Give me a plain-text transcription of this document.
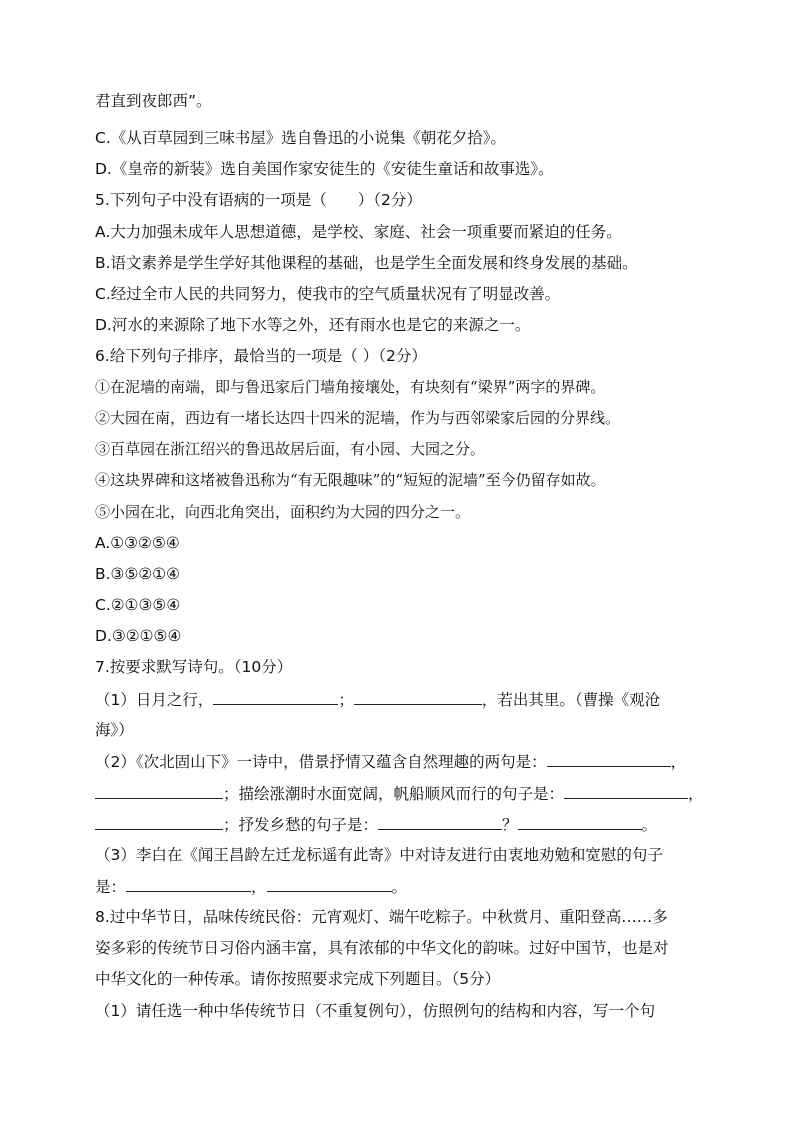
君直到夜郎西”。

C.《从百草园到三味书屋》选自鲁迅的小说集《朝花夕拾》。

D.《皇帝的新装》选自美国作家安徒生的《安徒生童话和故事选》。

5.下列句子中没有语病的一项是（　　）（2分）

A.大力加强未成年人思想道德，是学校、家庭、社会一项重要而紧迫的任务。

B.语文素养是学生学好其他课程的基础，也是学生全面发展和终身发展的基础。

C.经过全市人民的共同努力，使我市的空气质量状况有了明显改善。

D.河水的来源除了地下水等之外，还有雨水也是它的来源之一。

6.给下列句子排序，最恰当的一项是（ ）（2分）

①在泥墙的南端，即与鲁迅家后门墙角接壤处，有块刻有“梁界”两字的界碑。

②大园在南，西边有一堵长达四十四米的泥墙，作为与西邻梁家后园的分界线。

③百草园在浙江绍兴的鲁迅故居后面，有小园、大园之分。

④这块界碑和这堵被鲁迅称为“有无限趣味”的“短短的泥墙”至今仍留存如故。

⑤小园在北，向西北角突出，面积约为大园的四分之一。

A.①③②⑤④

B.③⑤②①④

C.②①③⑤④

D.③②①⑤④

7.按要求默写诗句。（10分）

（1）日月之行，	；	，若出其里。（曹操《观沧

海》）

（2）《次北固山下》一诗中，借景抒情又蕴含自然理趣的两句是：	，

；描绘涨潮时水面宽阔，帆船顺风而行的句子是：	，

；抒发乡愁的句子是：	？	。

（3）李白在《闻王昌龄左迁龙标遥有此寄》中对诗友进行由衷地劝勉和宽慰的句子

是：	，	。

8.过中华节日，品味传统民俗：元宵观灯、端午吃粽子。中秋赏月、重阳登高……多

姿多彩的传统节日习俗内涵丰富，具有浓郁的中华文化的韵味。过好中国节，也是对

中华文化的一种传承。请你按照要求完成下列题目。（5分）

（1）请任选一种中华传统节日（不重复例句），仿照例句的结构和内容，写一个句
